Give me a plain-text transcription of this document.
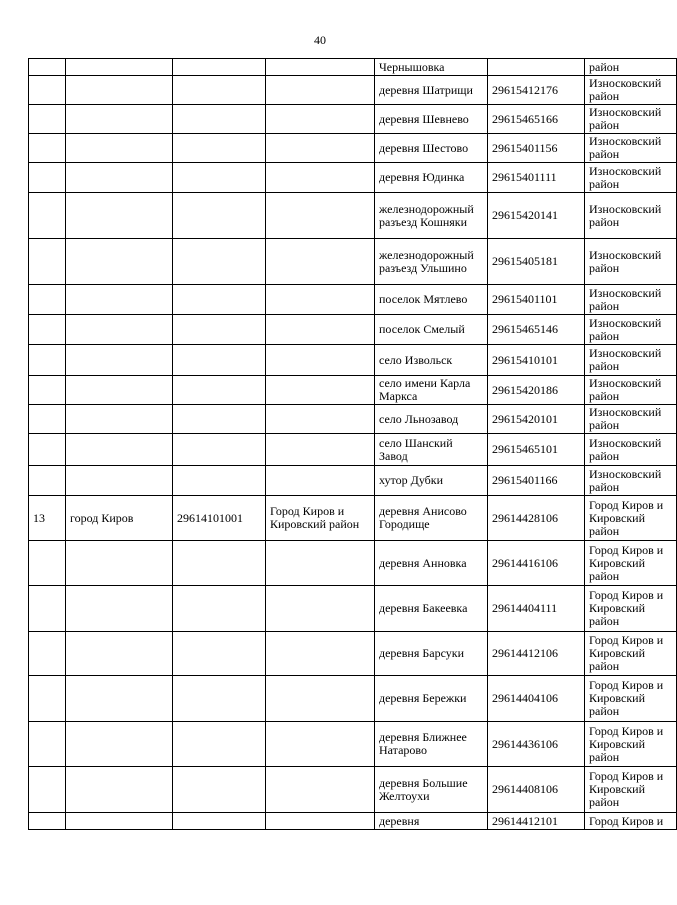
40
				Чернышовка		район
				деревня Шатрищи	29615412176	Износковский район
				деревня Шевнево	29615465166	Износковский район
				деревня Шестово	29615401156	Износковский район
				деревня Юдинка	29615401111	Износковский район
				железнодорожный разъезд Кошняки	29615420141	Износковский район
				железнодорожный разъезд Ульшино	29615405181	Износковский район
				поселок Мятлево	29615401101	Износковский район
				поселок Смелый	29615465146	Износковский район
				село Извольск	29615410101	Износковский район
				село имени Карла Маркса	29615420186	Износковский район
				село Льнозавод	29615420101	Износковский район
				село Шанский Завод	29615465101	Износковский район
				хутор Дубки	29615401166	Износковский район
13	город Киров	29614101001	Город Киров и Кировский район	деревня Анисово Городище	29614428106	Город Киров и Кировский район
				деревня Анновка	29614416106	Город Киров и Кировский район
				деревня Бакеевка	29614404111	Город Киров и Кировский район
				деревня Барсуки	29614412106	Город Киров и Кировский район
				деревня Бережки	29614404106	Город Киров и Кировский район
				деревня Ближнее Натарово	29614436106	Город Киров и Кировский район
				деревня Большие Желтоухи	29614408106	Город Киров и Кировский район
				деревня	29614412101	Город Киров и
